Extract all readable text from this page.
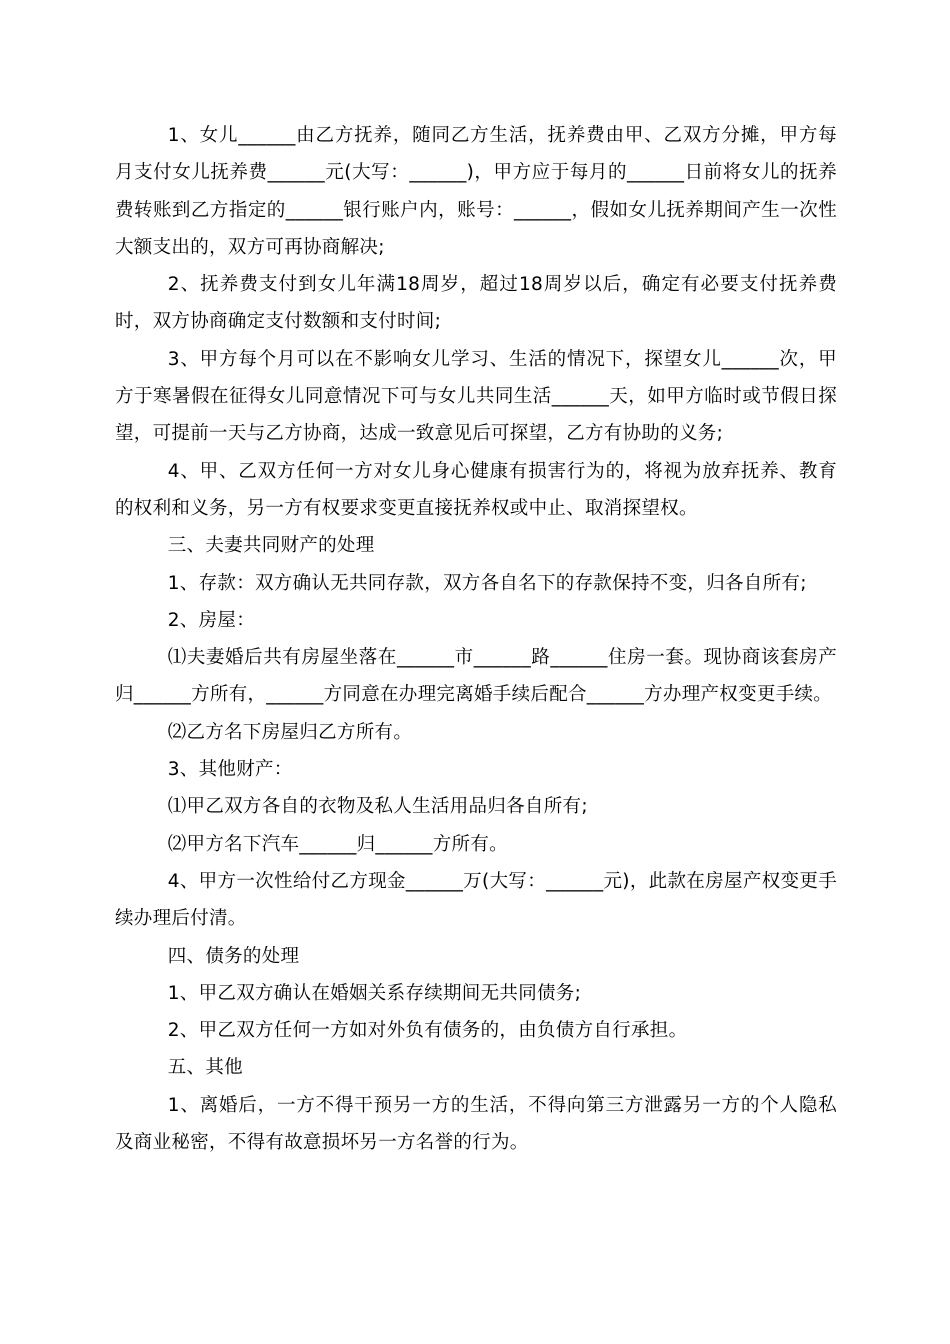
1、女儿______由乙方抚养，随同乙方生活，抚养费由甲、乙双方分摊，甲方每月支付女儿抚养费______元(大写：______)，甲方应于每月的______日前将女儿的抚养费转账到乙方指定的______银行账户内，账号：______，假如女儿抚养期间产生一次性大额支出的，双方可再协商解决;

2、抚养费支付到女儿年满18周岁，超过18周岁以后，确定有必要支付抚养费时，双方协商确定支付数额和支付时间;

3、甲方每个月可以在不影响女儿学习、生活的情况下，探望女儿______次，甲方于寒暑假在征得女儿同意情况下可与女儿共同生活______天，如甲方临时或节假日探望，可提前一天与乙方协商，达成一致意见后可探望，乙方有协助的义务;

4、甲、乙双方任何一方对女儿身心健康有损害行为的，将视为放弃抚养、教育的权利和义务，另一方有权要求变更直接抚养权或中止、取消探望权。

三、夫妻共同财产的处理

1、存款：双方确认无共同存款，双方各自名下的存款保持不变，归各自所有;

2、房屋：

⑴夫妻婚后共有房屋坐落在______市______路______住房一套。现协商该套房产归______方所有，______方同意在办理完离婚手续后配合______方办理产权变更手续。

⑵乙方名下房屋归乙方所有。

3、其他财产：

⑴甲乙双方各自的衣物及私人生活用品归各自所有;

⑵甲方名下汽车______归______方所有。

4、甲方一次性给付乙方现金______万(大写：______元)，此款在房屋产权变更手续办理后付清。

四、债务的处理

1、甲乙双方确认在婚姻关系存续期间无共同债务;

2、甲乙双方任何一方如对外负有债务的，由负债方自行承担。

五、其他

1、离婚后，一方不得干预另一方的生活，不得向第三方泄露另一方的个人隐私及商业秘密，不得有故意损坏另一方名誉的行为。
